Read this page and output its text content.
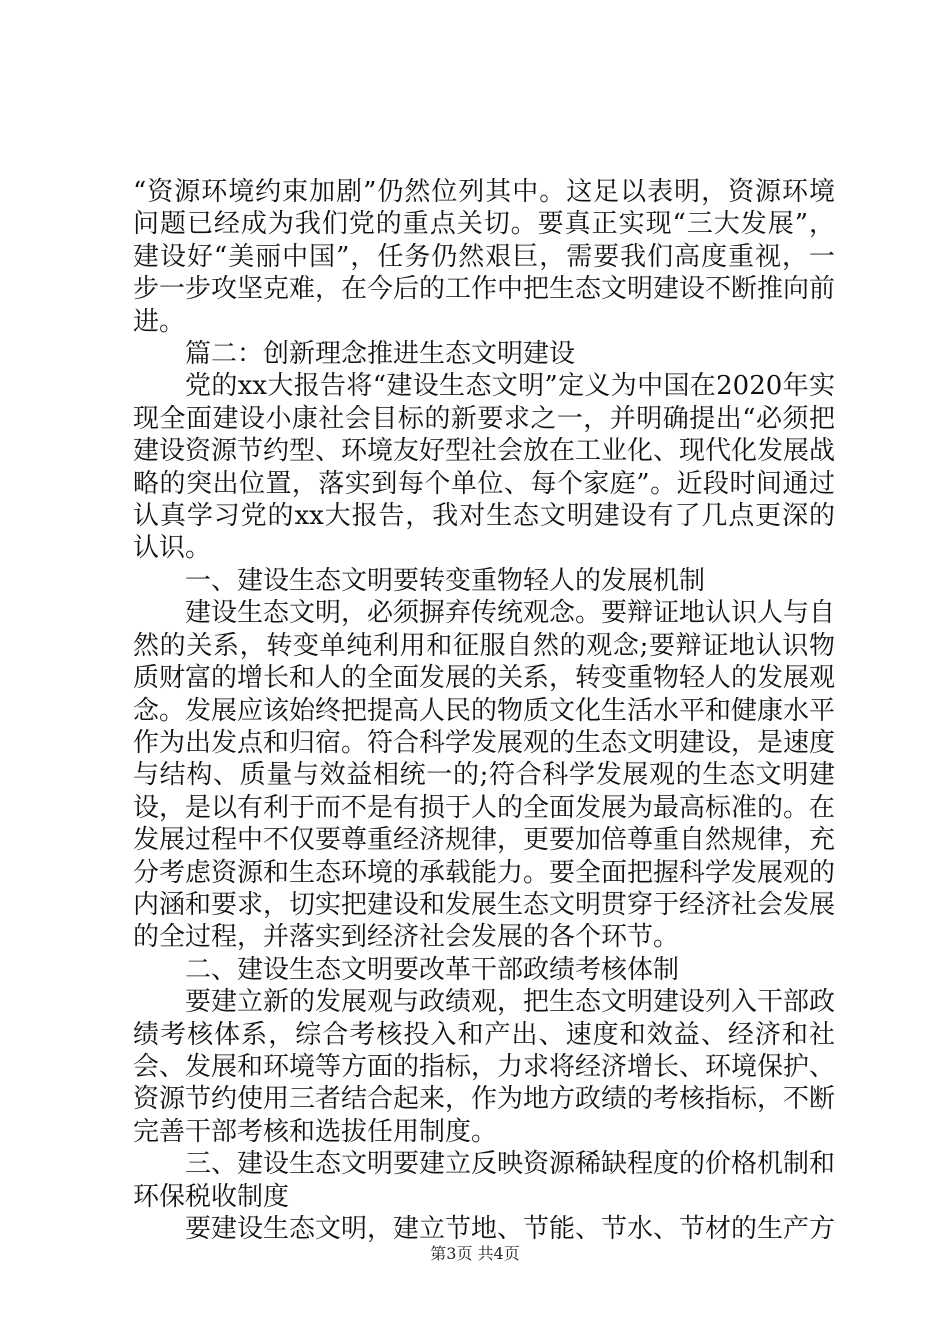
“资源环境约束加剧”仍然位列其中。这足以表明，资源环境问题已经成为我们党的重点关切。要真正实现“三大发展”，建设好“美丽中国”，任务仍然艰巨，需要我们高度重视，一步一步攻坚克难，在今后的工作中把生态文明建设不断推向前进。

篇二：创新理念推进生态文明建设

党的xx大报告将“建设生态文明”定义为中国在2020年实现全面建设小康社会目标的新要求之一，并明确提出“必须把建设资源节约型、环境友好型社会放在工业化、现代化发展战略的突出位置，落实到每个单位、每个家庭”。近段时间通过认真学习党的xx大报告，我对生态文明建设有了几点更深的认识。

一、建设生态文明要转变重物轻人的发展机制

建设生态文明，必须摒弃传统观念。要辩证地认识人与自然的关系，转变单纯利用和征服自然的观念;要辩证地认识物质财富的增长和人的全面发展的关系，转变重物轻人的发展观念。发展应该始终把提高人民的物质文化生活水平和健康水平作为出发点和归宿。符合科学发展观的生态文明建设，是速度与结构、质量与效益相统一的;符合科学发展观的生态文明建设，是以有利于而不是有损于人的全面发展为最高标准的。在发展过程中不仅要尊重经济规律，更要加倍尊重自然规律，充分考虑资源和生态环境的承载能力。要全面把握科学发展观的内涵和要求，切实把建设和发展生态文明贯穿于经济社会发展的全过程，并落实到经济社会发展的各个环节。

二、建设生态文明要改革干部政绩考核体制

要建立新的发展观与政绩观，把生态文明建设列入干部政绩考核体系，综合考核投入和产出、速度和效益、经济和社会、发展和环境等方面的指标，力求将经济增长、环境保护、资源节约使用三者结合起来，作为地方政绩的考核指标，不断完善干部考核和选拔任用制度。

三、建设生态文明要建立反映资源稀缺程度的价格机制和环保税收制度

要建设生态文明，建立节地、节能、节水、节材的生产方

第3页 共4页
